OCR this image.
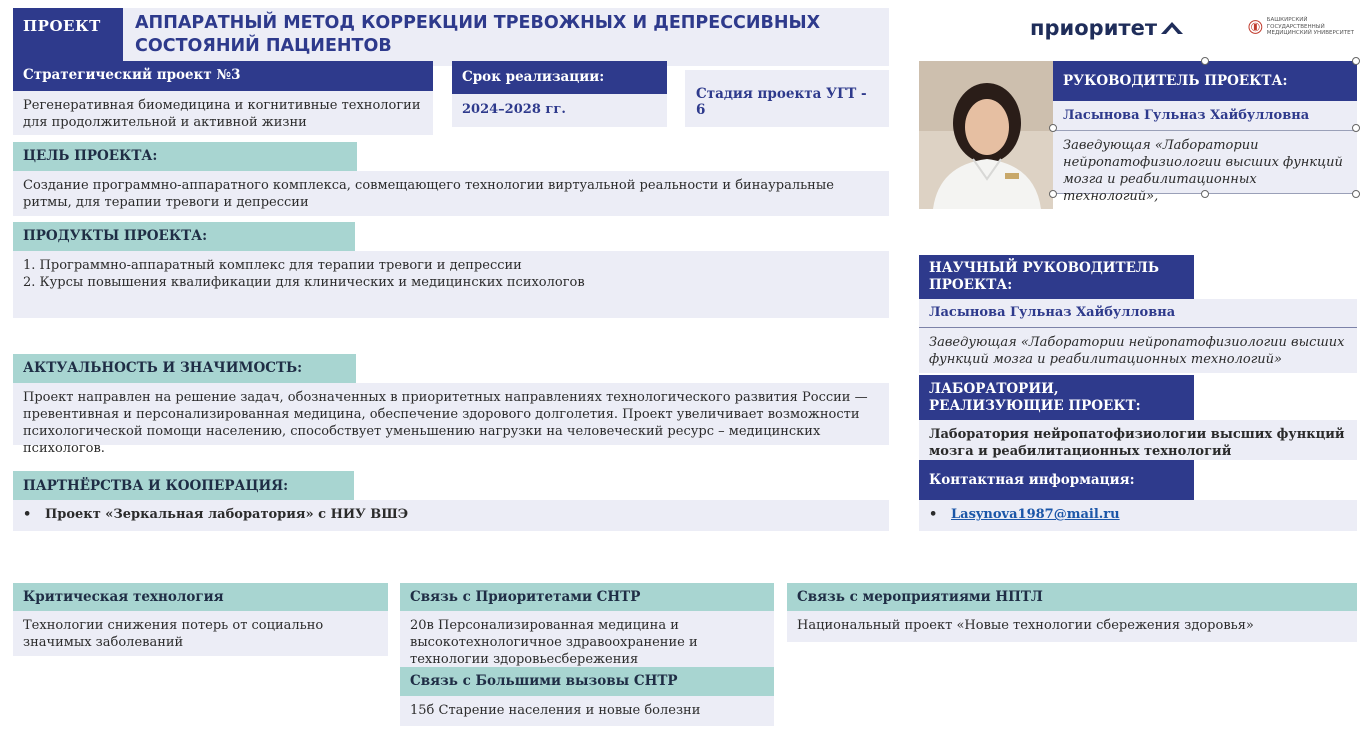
ПРОЕКТ	АППАРАТНЫЙ МЕТОД КОРРЕКЦИИ ТРЕВОЖНЫХ И ДЕПРЕССИВНЫХ СОСТОЯНИЙ ПАЦИЕНТОВ
приоритет	БАШКИРСКИЙ ГОСУДАРСТВЕННЫЙ МЕДИЦИНСКИЙ УНИВЕРСИТЕТ
Стратегический проект №3
Регенеративная биомедицина и когнитивные технологии для продолжительной и активной жизни
Срок реализации:
2024–2028 гг.
Стадия проекта УГТ - 6
ЦЕЛЬ ПРОЕКТА:
Создание программно-аппаратного комплекса, совмещающего технологии виртуальной реальности и бинауральные ритмы, для терапии тревоги и депрессии
ПРОДУКТЫ ПРОЕКТА:
1. Программно-аппаратный комплекс для терапии тревоги и депрессии
2. Курсы повышения квалификации для клинических и медицинских психологов
АКТУАЛЬНОСТЬ И ЗНАЧИМОСТЬ:
Проект направлен на решение задач, обозначенных в приоритетных направлениях технологического развития России — превентивная и персонализированная медицина, обеспечение здорового долголетия. Проект увеличивает возможности психологической помощи населению, способствует уменьшению нагрузки на человеческий ресурс – медицинских психологов.
ПАРТНЁРСТВА И КООПЕРАЦИЯ:
• Проект «Зеркальная лаборатория» с НИУ ВШЭ
РУКОВОДИТЕЛЬ ПРОЕКТА:
Ласынова Гульназ Хайбулловна
Заведующая «Лаборатории нейропатофизиологии высших функций мозга и реабилитационных технологий»,
НАУЧНЫЙ РУКОВОДИТЕЛЬ ПРОЕКТА:
Ласынова Гульназ Хайбулловна
Заведующая «Лаборатории нейропатофизиологии высших функций мозга и реабилитационных технологий»
ЛАБОРАТОРИИ, РЕАЛИЗУЮЩИЕ ПРОЕКТ:
Лаборатория нейропатофизиологии высших функций мозга и реабилитационных технологий
Контактная информация:
• Lasynova1987@mail.ru
Критическая технология
Технологии снижения потерь от социально значимых заболеваний
Связь с Приоритетами СНТР
20в Персонализированная медицина и высокотехнологичное здравоохранение и технологии здоровьесбережения
Связь с Большими вызовы СНТР
15б Старение населения и новые болезни
Связь с мероприятиями НПТЛ
Национальный проект «Новые технологии сбережения здоровья»
